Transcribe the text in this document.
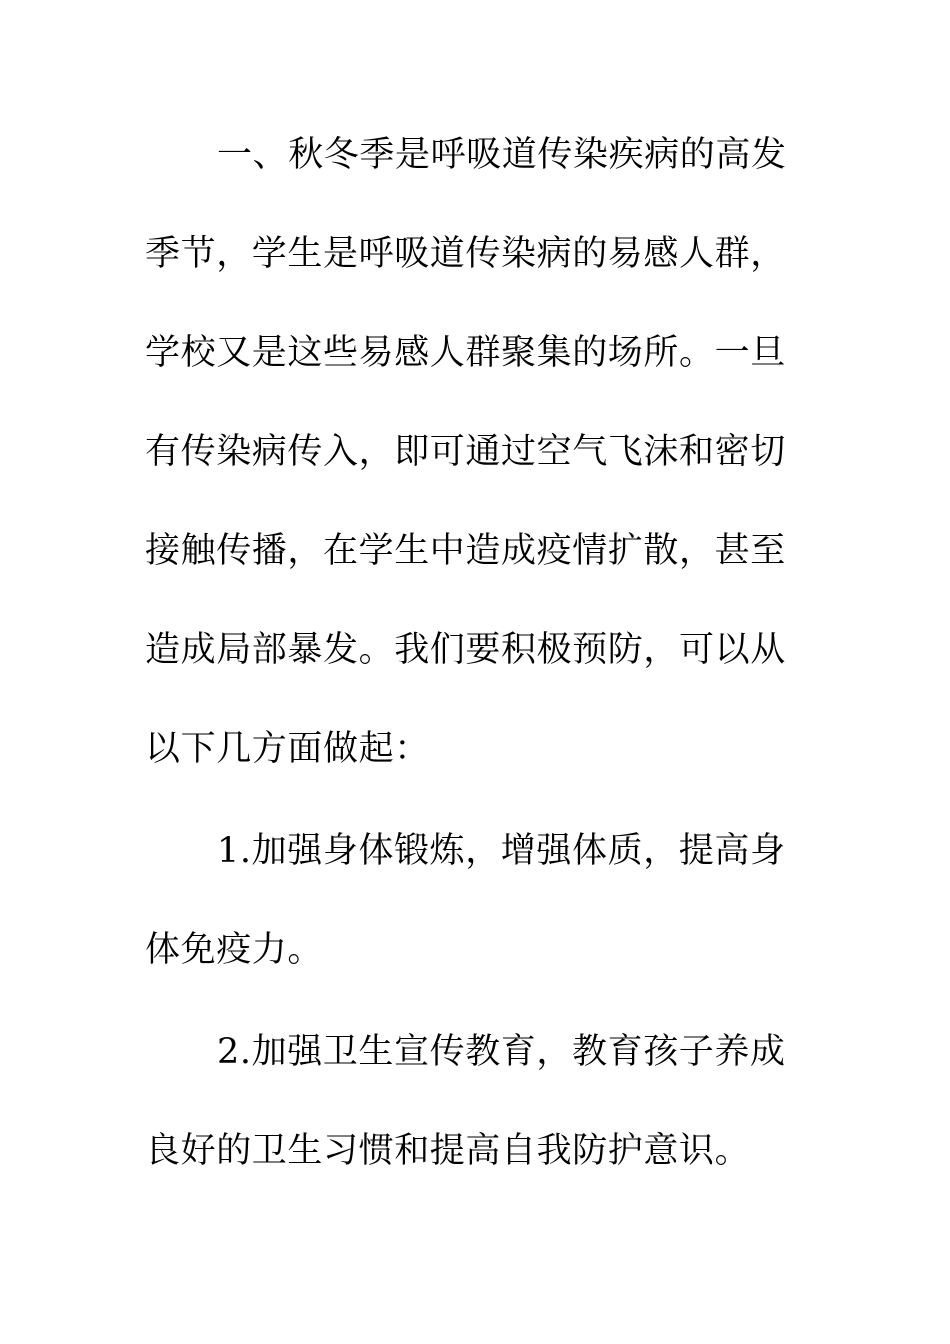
一、秋冬季是呼吸道传染疾病的高发
季节，学生是呼吸道传染病的易感人群，
学校又是这些易感人群聚集的场所。一旦
有传染病传入，即可通过空气飞沫和密切
接触传播，在学生中造成疫情扩散，甚至
造成局部暴发。我们要积极预防，可以从
以下几方面做起：
1.加强身体锻炼，增强体质，提高身
体免疫力。
2.加强卫生宣传教育，教育孩子养成
良好的卫生习惯和提高自我防护意识。
